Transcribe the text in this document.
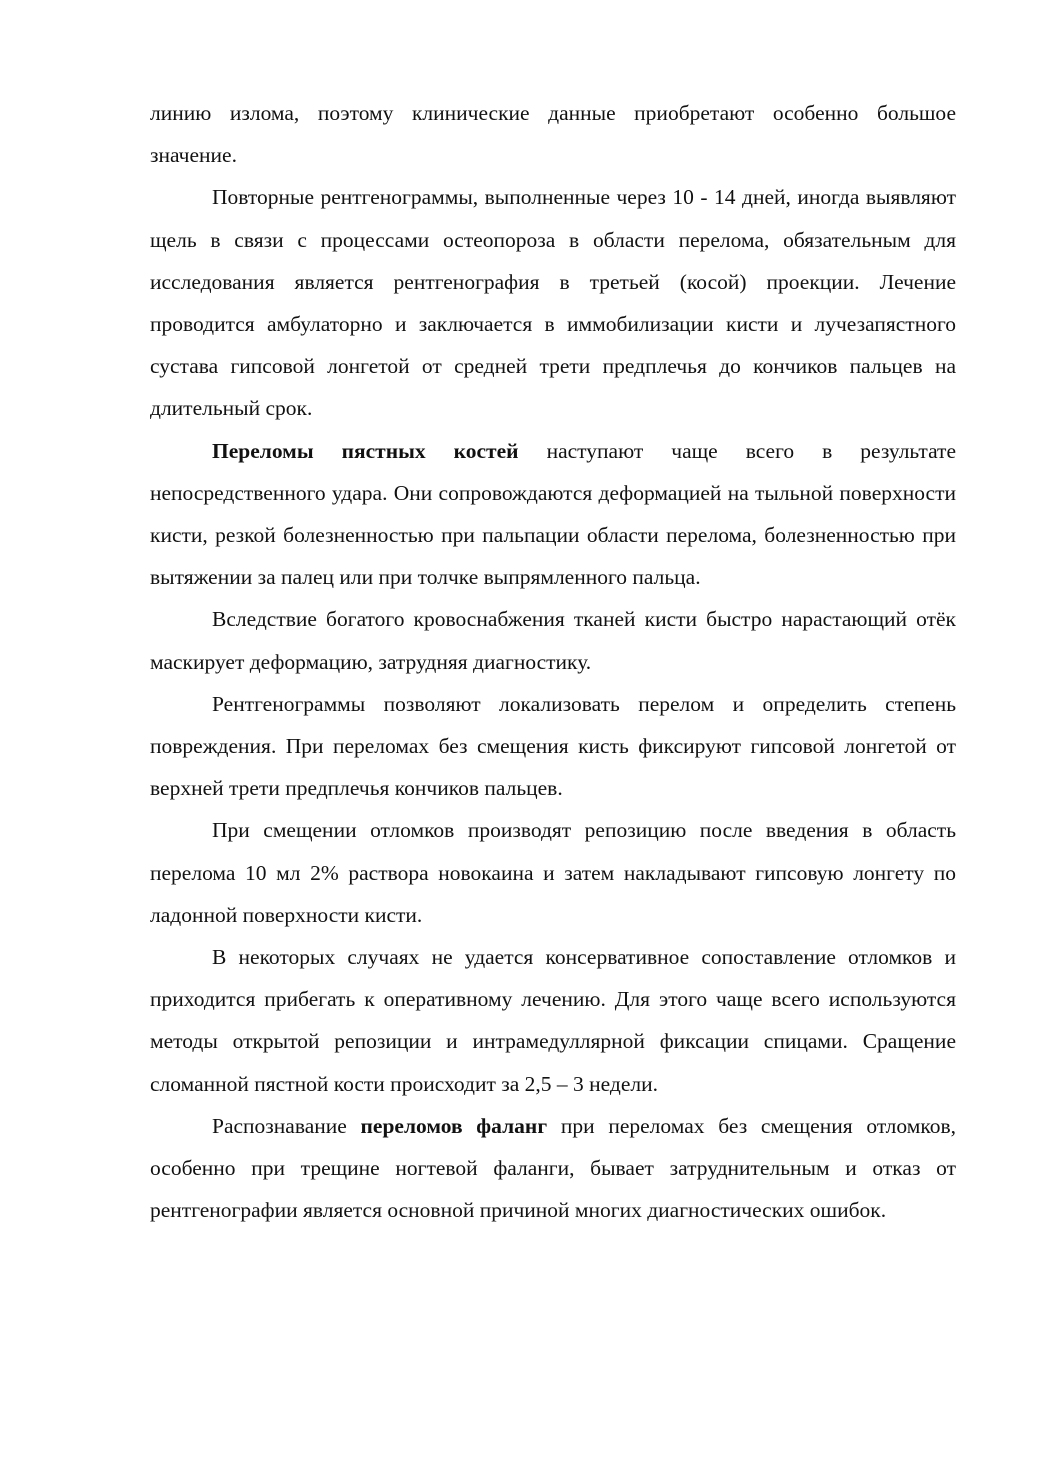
линию излома, поэтому клинические данные приобретают особенно большое значение.

Повторные рентгенограммы, выполненные через 10 - 14 дней, иногда выявляют щель в связи с процессами остеопороза в области перелома, обязательным для исследования является рентгенография в третьей (косой) проекции. Лечение проводится амбулаторно и заключается в иммобилизации кисти и лучезапястного сустава гипсовой лонгетой от средней трети предплечья до кончиков пальцев на длительный срок.

Переломы пястных костей наступают чаще всего в результате непосредственного удара. Они сопровождаются деформацией на тыльной поверхности кисти, резкой болезненностью при пальпации области перелома, болезненностью при вытяжении за палец или при толчке выпрямленного пальца.

Вследствие богатого кровоснабжения тканей кисти быстро нарастающий отёк маскирует деформацию, затрудняя диагностику.

Рентгенограммы позволяют локализовать перелом и определить степень повреждения. При переломах без смещения кисть фиксируют гипсовой лонгетой от верхней трети предплечья кончиков пальцев.

При смещении отломков производят репозицию после введения в область перелома 10 мл 2% раствора новокаина и затем накладывают гипсовую лонгету по ладонной поверхности кисти.

В некоторых случаях не удается консервативное сопоставление отломков и приходится прибегать к оперативному лечению. Для этого чаще всего используются методы открытой репозиции и интрамедуллярной фиксации спицами. Сращение сломанной пястной кости происходит за 2,5 – 3 недели.

Распознавание переломов фаланг при переломах без смещения отломков, особенно при трещине ногтевой фаланги, бывает затруднительным и отказ от рентгенографии является основной причиной многих диагностических ошибок.
